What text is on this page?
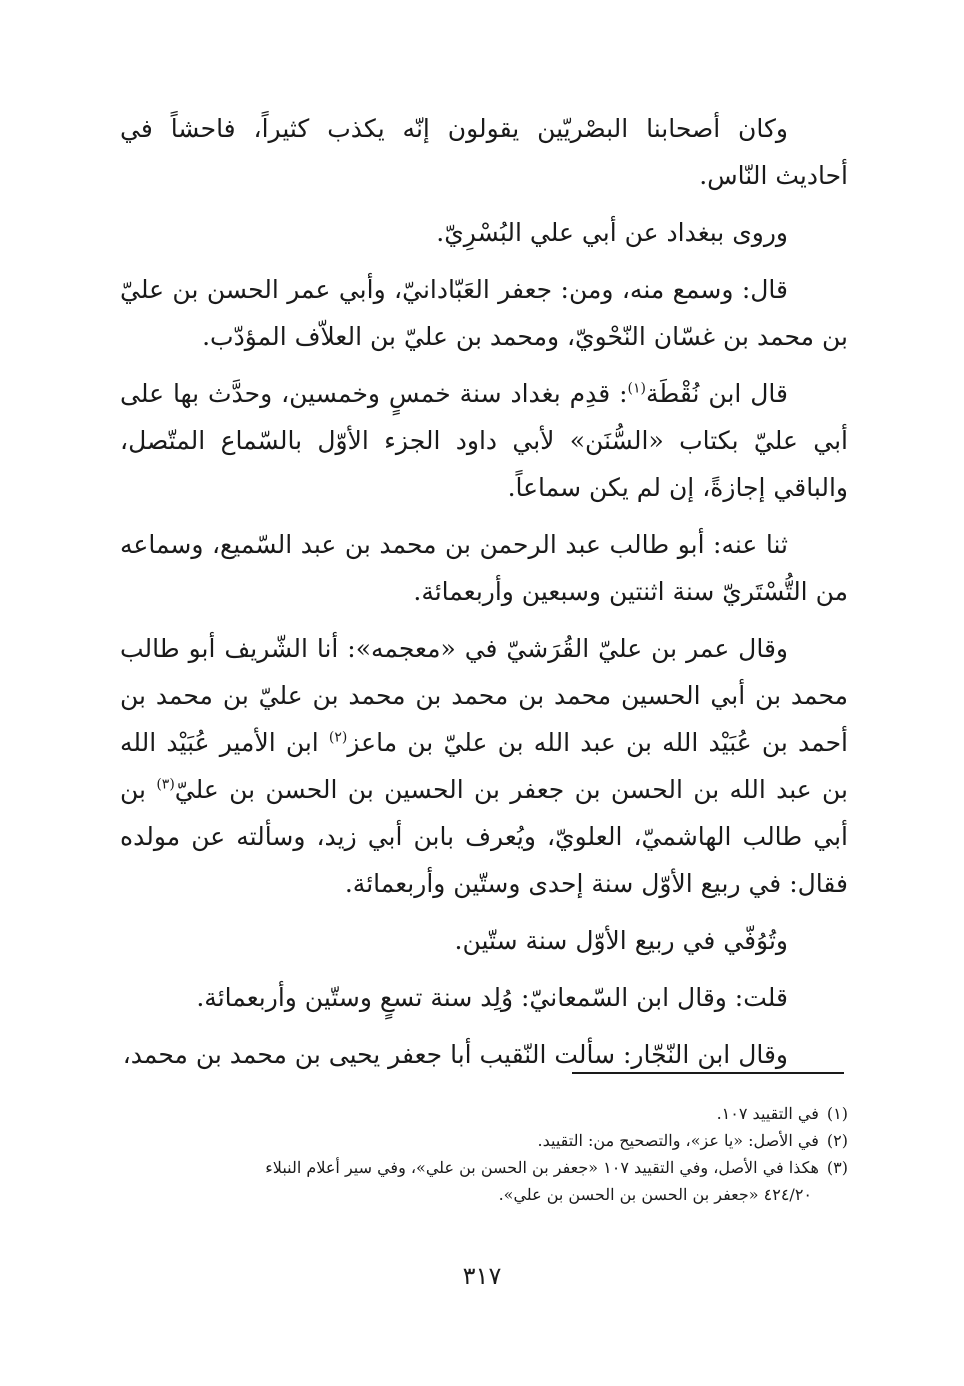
وكان أصحابنا البصْريّين يقولون إنّه يكذب كثيراً، فاحشاً في أحاديث النّاس.

وروى ببغداد عن أبي علي البُسْرِيّ.

قال: وسمع منه، ومن: جعفر العَبّادانيّ، وأبي عمر الحسن بن عليّ بن محمد بن غسّان النّحْويّ، ومحمد بن عليّ بن العلاّف المؤدّب.

قال ابن نُقْطَة$^{(١)}$: قدِم بغداد سنة خمسٍ وخمسين، وحدَّث بها على أبي عليّ بكتاب «السُّنَن» لأبي داود الجزء الأوّل بالسّماع المتّصل، والباقي إجازةً، إن لم يكن سماعاً.

ثنا عنه: أبو طالب عبد الرحمن بن محمد بن عبد السّميع، وسماعه من التُّسْتَريّ سنة اثنتين وسبعين وأربعمائة.

وقال عمر بن عليّ القُرَشيّ في «معجمه»: أنا الشّريف أبو طالب محمد بن أبي الحسين محمد بن محمد بن محمد بن عليّ بن محمد بن أحمد بن عُبَيْد الله بن عبد الله بن عليّ بن ماعز$^{(٢)}$ ابن الأمير عُبَيْد الله بن عبد الله بن الحسن بن جعفر بن الحسين بن الحسن بن عليّ$^{(٣)}$ بن أبي طالب الهاشميّ، العلويّ، ويُعرف بابن أبي زيد، وسألته عن مولده فقال: في ربيع الأوّل سنة إحدى وستّين وأربعمائة.

وتُوُفّي في ربيع الأوّل سنة ستّين.

قلت: وقال ابن السّمعانيّ: وُلِد سنة تسعٍ وستّين وأربعمائة.

وقال ابن النّجّار: سألت النّقيب أبا جعفر يحيى بن محمد بن محمد،

(١)في التقييد ١٠٧.

(٢)في الأصل: «يا عز»، والتصحيح من: التقييد.

(٣)هكذا في الأصل، وفي التقييد ١٠٧ «جعفر بن الحسن بن علي»، وفي سير أعلام النبلاء

٤٢٤/٢٠ «جعفر بن الحسن بن الحسن بن علي».

٣١٧
